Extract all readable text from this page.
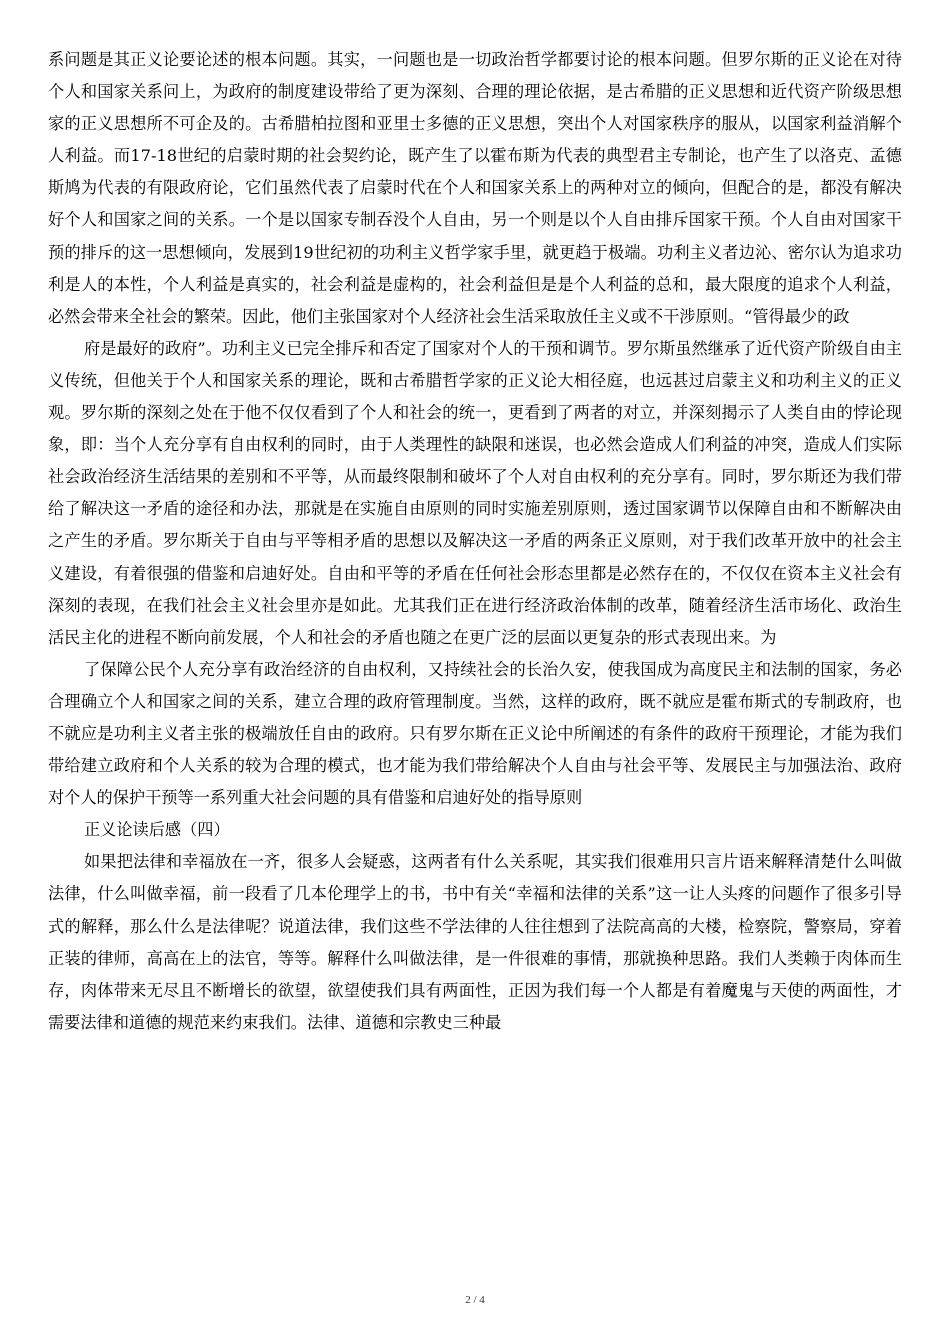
系问题是其正义论要论述的根本问题。其实，一问题也是一切政治哲学都要讨论的根本问题。但罗尔斯的正义论在对待个人和国家关系问上，为政府的制度建设带给了更为深刻、合理的理论依据，是古希腊的正义思想和近代资产阶级思想家的正义思想所不可企及的。古希腊柏拉图和亚里士多德的正义思想，突出个人对国家秩序的服从，以国家利益消解个人利益。而17-18世纪的启蒙时期的社会契约论，既产生了以霍布斯为代表的典型君主专制论，也产生了以洛克、孟德斯鸠为代表的有限政府论，它们虽然代表了启蒙时代在个人和国家关系上的两种对立的倾向，但配合的是，都没有解决好个人和国家之间的关系。一个是以国家专制吞没个人自由，另一个则是以个人自由排斥国家干预。个人自由对国家干预的排斥的这一思想倾向，发展到19世纪初的功利主义哲学家手里，就更趋于极端。功利主义者边沁、密尔认为追求功利是人的本性，个人利益是真实的，社会利益是虚构的，社会利益但是是个人利益的总和，最大限度的追求个人利益，必然会带来全社会的繁荣。因此，他们主张国家对个人经济社会生活采取放任主义或不干涉原则。“管得最少的政

府是最好的政府”。功利主义已完全排斥和否定了国家对个人的干预和调节。罗尔斯虽然继承了近代资产阶级自由主义传统，但他关于个人和国家关系的理论，既和古希腊哲学家的正义论大相径庭，也远甚过启蒙主义和功利主义的正义观。罗尔斯的深刻之处在于他不仅仅看到了个人和社会的统一，更看到了两者的对立，并深刻揭示了人类自由的悖论现象，即：当个人充分享有自由权利的同时，由于人类理性的缺限和迷误，也必然会造成人们利益的冲突，造成人们实际社会政治经济生活结果的差别和不平等，从而最终限制和破坏了个人对自由权利的充分享有。同时，罗尔斯还为我们带给了解决这一矛盾的途径和办法，那就是在实施自由原则的同时实施差别原则，透过国家调节以保障自由和不断解决由之产生的矛盾。罗尔斯关于自由与平等相矛盾的思想以及解决这一矛盾的两条正义原则，对于我们改革开放中的社会主义建设，有着很强的借鉴和启迪好处。自由和平等的矛盾在任何社会形态里都是必然存在的，不仅仅在资本主义社会有深刻的表现，在我们社会主义社会里亦是如此。尤其我们正在进行经济政治体制的改革，随着经济生活市场化、政治生活民主化的进程不断向前发展，个人和社会的矛盾也随之在更广泛的层面以更复杂的形式表现出来。为

了保障公民个人充分享有政治经济的自由权利，又持续社会的长治久安，使我国成为高度民主和法制的国家，务必合理确立个人和国家之间的关系，建立合理的政府管理制度。当然，这样的政府，既不就应是霍布斯式的专制政府，也不就应是功利主义者主张的极端放任自由的政府。只有罗尔斯在正义论中所阐述的有条件的政府干预理论，才能为我们带给建立政府和个人关系的较为合理的模式，也才能为我们带给解决个人自由与社会平等、发展民主与加强法治、政府对个人的保护干预等一系列重大社会问题的具有借鉴和启迪好处的指导原则

正义论读后感（四）

如果把法律和幸福放在一齐，很多人会疑惑，这两者有什么关系呢，其实我们很难用只言片语来解释清楚什么叫做法律，什么叫做幸福，前一段看了几本伦理学上的书，书中有关“幸福和法律的关系”这一让人头疼的问题作了很多引导式的解释，那么什么是法律呢？说道法律，我们这些不学法律的人往往想到了法院高高的大楼，检察院，警察局，穿着正装的律师，高高在上的法官，等等。解释什么叫做法律，是一件很难的事情，那就换种思路。我们人类赖于肉体而生存，肉体带来无尽且不断增长的欲望，欲望使我们具有两面性，正因为我们每一个人都是有着魔鬼与天使的两面性，才需要法律和道德的规范来约束我们。法律、道德和宗教史三种最

2 / 4
